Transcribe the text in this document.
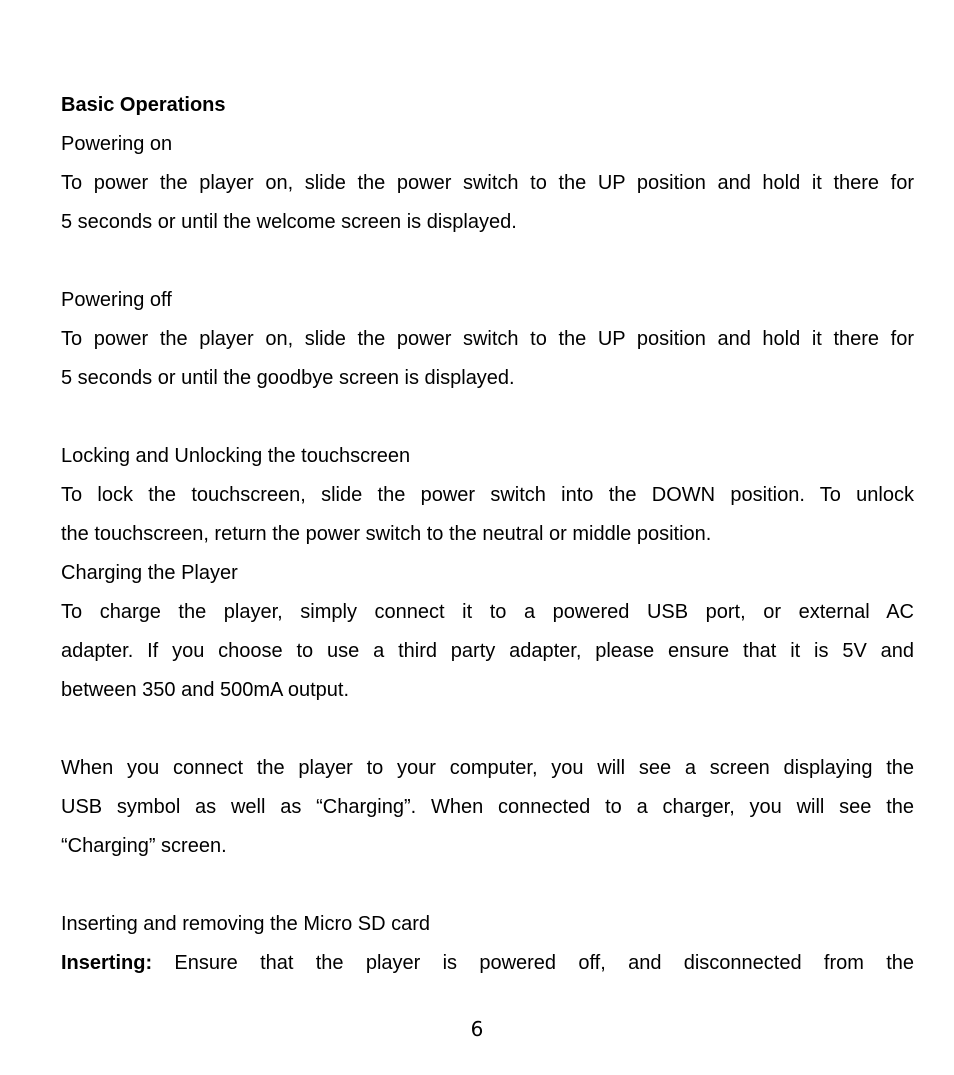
Basic Operations
Powering on
To power the player on, slide the power switch to the UP position and hold it there for
5 seconds or until the welcome screen is displayed.
Powering off
To power the player on, slide the power switch to the UP position and hold it there for
5 seconds or until the goodbye screen is displayed.
Locking and Unlocking the touchscreen
To lock the touchscreen, slide the power switch into the DOWN position. To unlock
the touchscreen, return the power switch to the neutral or middle position.
Charging the Player
To charge the player, simply connect it to a powered USB port, or external AC
adapter. If you choose to use a third party adapter, please ensure that it is 5V and
between 350 and 500mA output.
When you connect the player to your computer, you will see a screen displaying the
USB symbol as well as “Charging”. When connected to a charger, you will see the
“Charging” screen.
Inserting and removing the Micro SD card
Inserting: Ensure that the player is powered off, and disconnected from the
6
